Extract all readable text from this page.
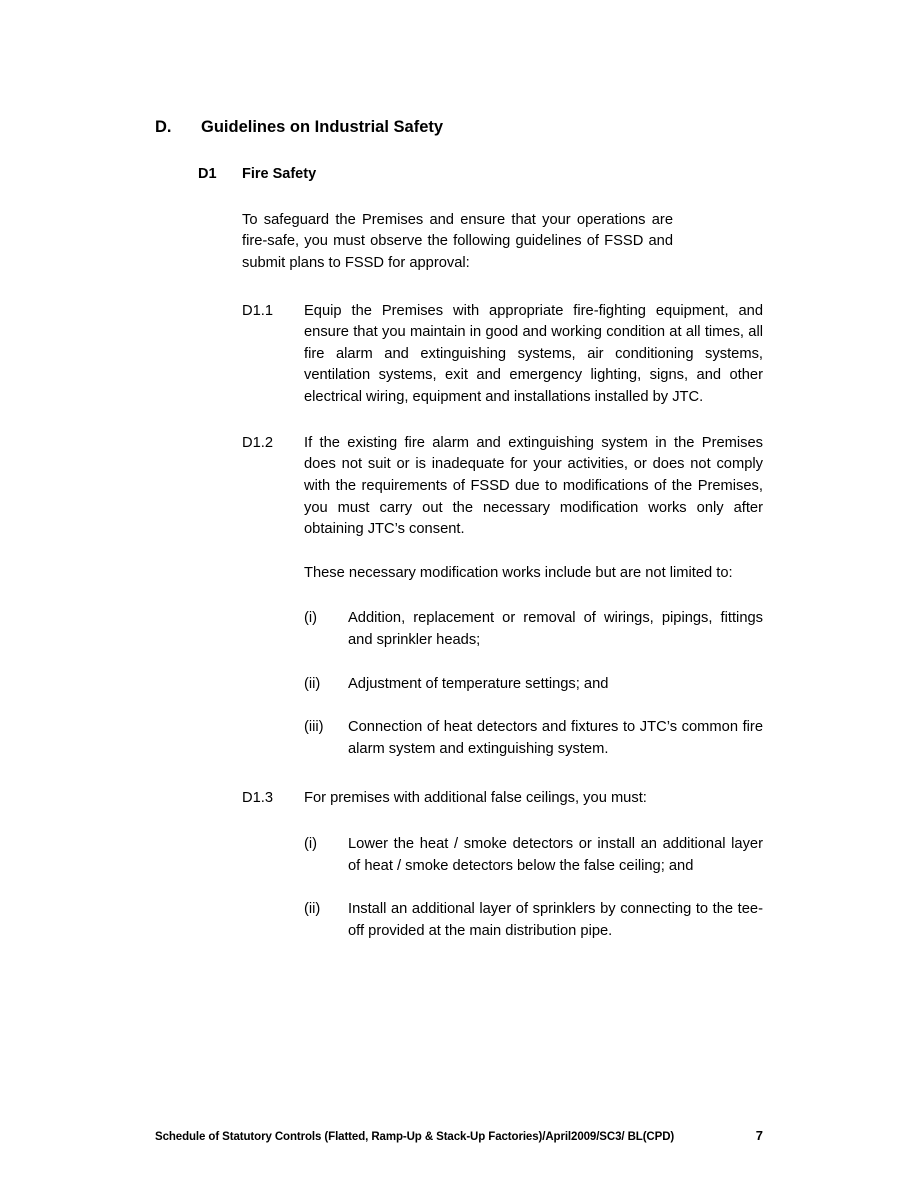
D.	Guidelines on Industrial Safety
D1	Fire Safety
To safeguard the Premises and ensure that your operations are fire-safe, you must observe the following guidelines of FSSD and submit plans to FSSD for approval:
D1.1	Equip the Premises with appropriate fire-fighting equipment, and ensure that you maintain in good and working condition at all times, all fire alarm and extinguishing systems, air conditioning systems, ventilation systems, exit and emergency lighting, signs, and other electrical wiring, equipment and installations installed by JTC.

D1.2	If the existing fire alarm and extinguishing system in the Premises does not suit or is inadequate for your activities, or does not comply with the requirements of FSSD due to modifications of the Premises, you must carry out the necessary modification works only after obtaining JTC’s consent.

These necessary modification works include but are not limited to:

(i)	Addition, replacement or removal of wirings, pipings, fittings and sprinkler heads;
(ii)	Adjustment of temperature settings; and
(iii)	Connection of heat detectors and fixtures to JTC’s common fire alarm system and extinguishing system.
D1.3	For premises with additional false ceilings, you must:

(i)	Lower the heat / smoke detectors or install an additional layer of heat / smoke detectors below the false ceiling; and
(ii)	Install an additional layer of sprinklers by connecting to the tee-off provided at the main distribution pipe.
Schedule of Statutory Controls (Flatted, Ramp-Up & Stack-Up Factories)/April2009/SC3/ BL(CPD)	7
